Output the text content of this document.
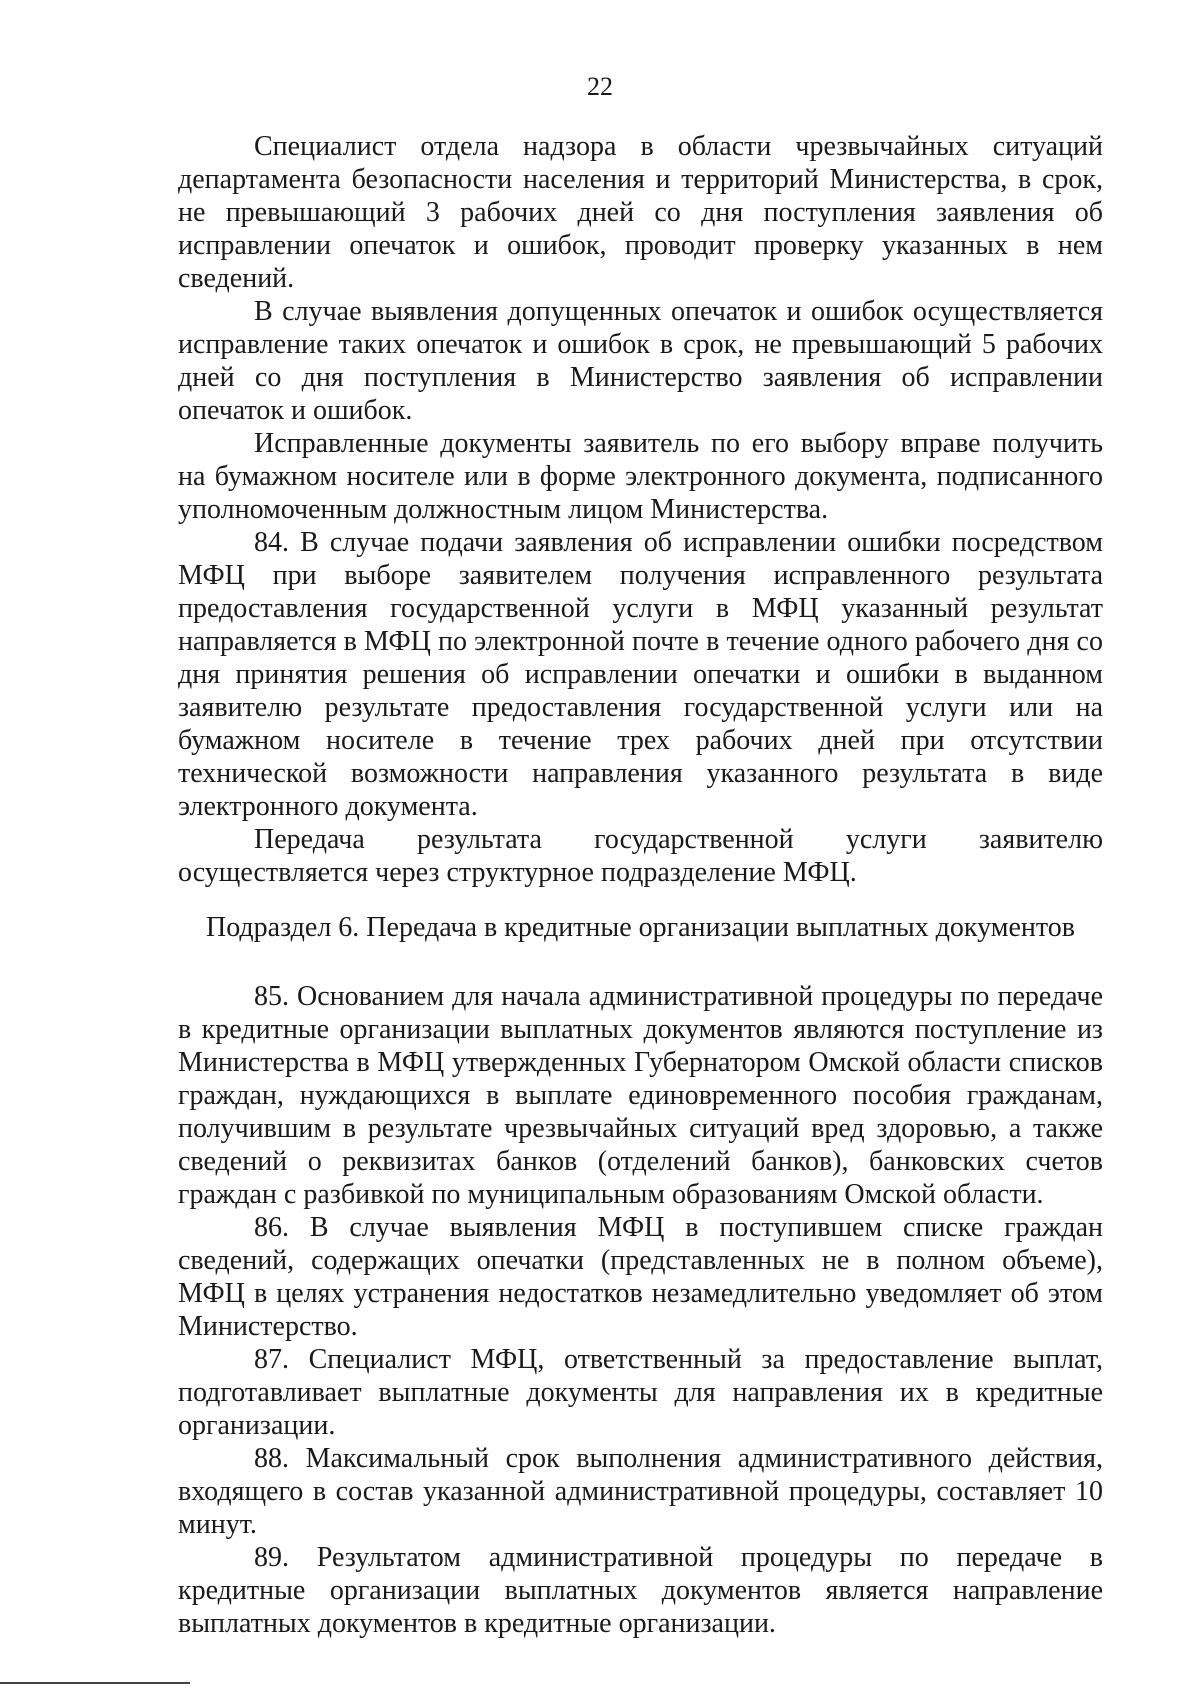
22

Специалист отдела надзора в области чрезвычайных ситуаций департамента безопасности населения и территорий Министерства, в срок, не превышающий 3 рабочих дней со дня поступления заявления об исправлении опечаток и ошибок, проводит проверку указанных в нем сведений.

В случае выявления допущенных опечаток и ошибок осуществляется исправление таких опечаток и ошибок в срок, не превышающий 5 рабочих дней со дня поступления в Министерство заявления об исправлении опечаток и ошибок.

Исправленные документы заявитель по его выбору вправе получить на бумажном носителе или в форме электронного документа, подписанного уполномоченным должностным лицом Министерства.

84. В случае подачи заявления об исправлении ошибки посредством МФЦ при выборе заявителем получения исправленного результата предоставления государственной услуги в МФЦ указанный результат направляется в МФЦ по электронной почте в течение одного рабочего дня со дня принятия решения об исправлении опечатки и ошибки в выданном заявителю результате предоставления государственной услуги или на бумажном носителе в течение трех рабочих дней при отсутствии технической возможности направления указанного результата в виде электронного документа.

Передача результата государственной услуги заявителю осуществляется через структурное подразделение МФЦ.

Подраздел 6. Передача в кредитные организации выплатных документов

85. Основанием для начала административной процедуры по передаче в кредитные организации выплатных документов являются поступление из Министерства в МФЦ утвержденных Губернатором Омской области списков граждан, нуждающихся в выплате единовременного пособия гражданам, получившим в результате чрезвычайных ситуаций вред здоровью, а также сведений о реквизитах банков (отделений банков), банковских счетов граждан с разбивкой по муниципальным образованиям Омской области.

86. В случае выявления МФЦ в поступившем списке граждан сведений, содержащих опечатки (представленных не в полном объеме), МФЦ в целях устранения недостатков незамедлительно уведомляет об этом Министерство.

87. Специалист МФЦ, ответственный за предоставление выплат, подготавливает выплатные документы для направления их в кредитные организации.

88. Максимальный срок выполнения административного действия, входящего в состав указанной административной процедуры, составляет 10 минут.

89. Результатом административной процедуры по передаче в кредитные организации выплатных документов является направление выплатных документов в кредитные организации.
